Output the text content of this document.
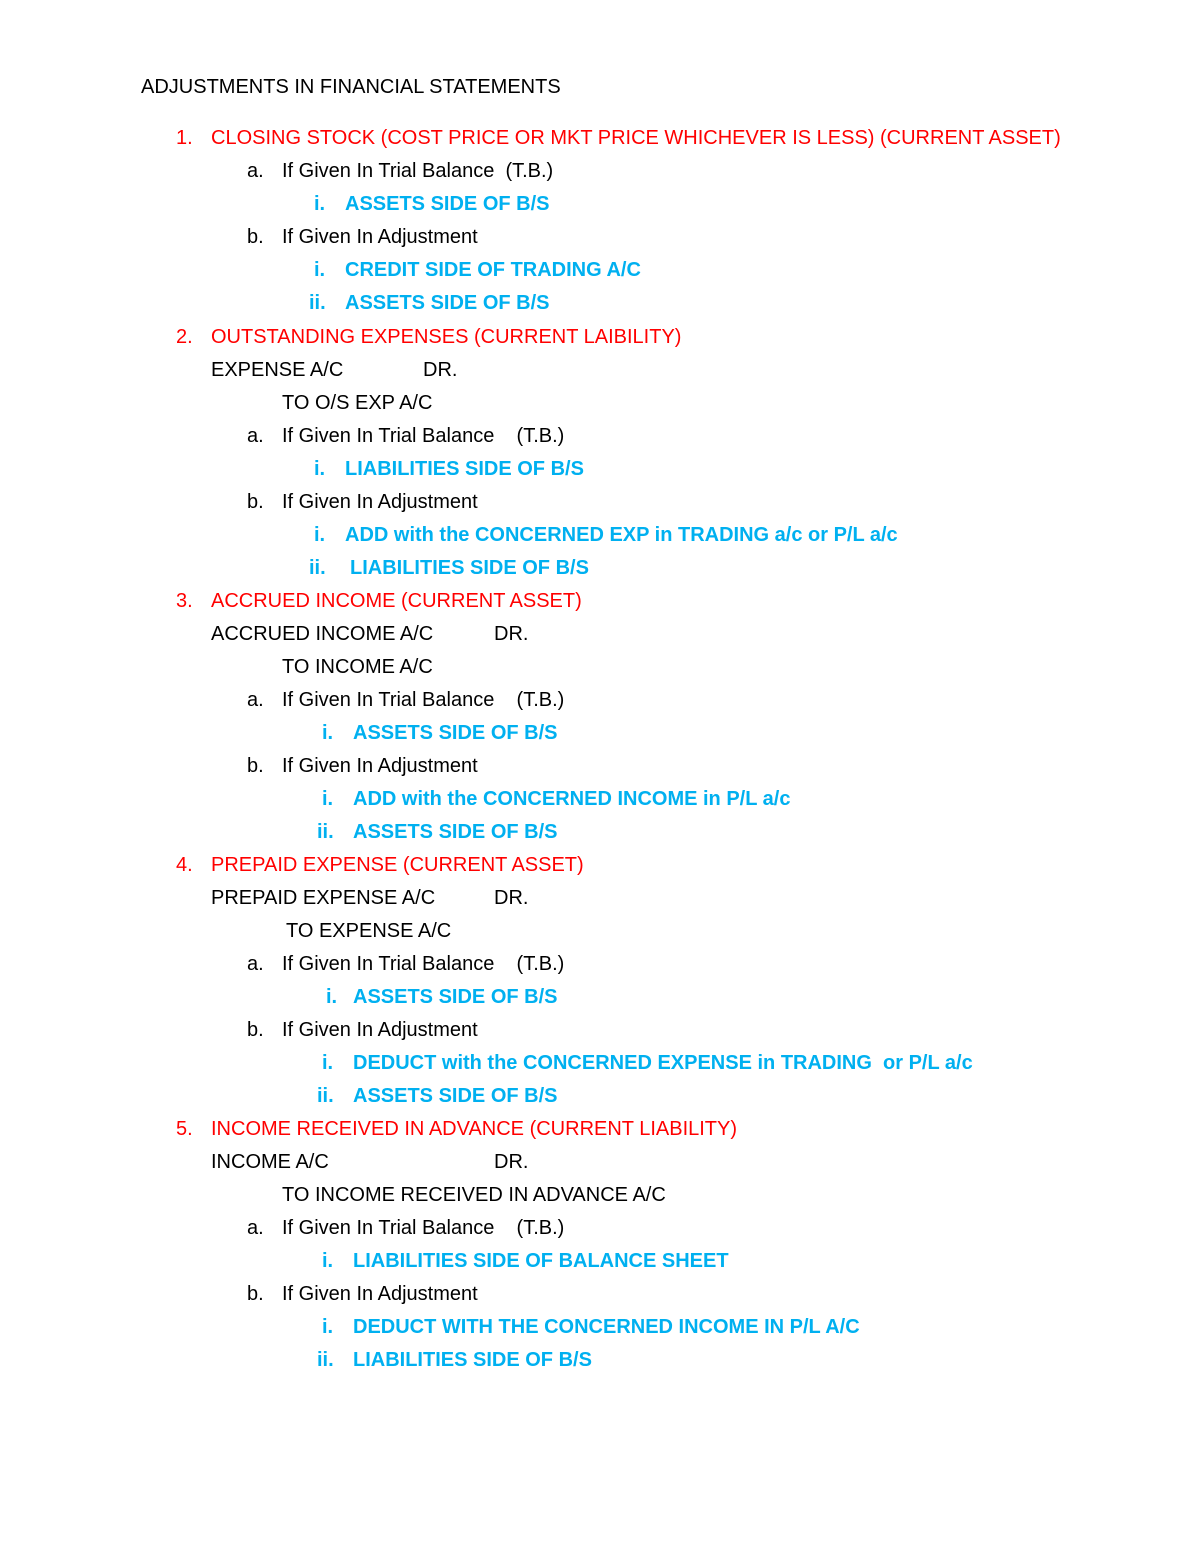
ADJUSTMENTS IN FINANCIAL STATEMENTS
1. CLOSING STOCK (COST PRICE OR MKT PRICE WHICHEVER IS LESS) (CURRENT ASSET)
a. If Given In Trial Balance  (T.B.)
i. ASSETS SIDE OF B/S
b. If Given In Adjustment
i. CREDIT SIDE OF TRADING A/C
ii. ASSETS SIDE OF B/S
2. OUTSTANDING EXPENSES (CURRENT LAIBILITY)
EXPENSE A/C	DR.
TO O/S EXP A/C
a. If Given In Trial Balance    (T.B.)
i. LIABILITIES SIDE OF B/S
b. If Given In Adjustment
i. ADD with the CONCERNED EXP in TRADING a/c or P/L a/c
ii. LIABILITIES SIDE OF B/S
3. ACCRUED INCOME (CURRENT ASSET)
ACCRUED INCOME A/C	DR.
TO INCOME A/C
a. If Given In Trial Balance    (T.B.)
i. ASSETS SIDE OF B/S
b. If Given In Adjustment
i. ADD with the CONCERNED INCOME in P/L a/c
ii. ASSETS SIDE OF B/S
4. PREPAID EXPENSE (CURRENT ASSET)
PREPAID EXPENSE A/C	DR.
TO EXPENSE A/C
a. If Given In Trial Balance    (T.B.)
i. ASSETS SIDE OF B/S
b. If Given In Adjustment
i. DEDUCT with the CONCERNED EXPENSE in TRADING  or P/L a/c
ii. ASSETS SIDE OF B/S
5. INCOME RECEIVED IN ADVANCE (CURRENT LIABILITY)
INCOME A/C	DR.
TO INCOME RECEIVED IN ADVANCE A/C
a. If Given In Trial Balance    (T.B.)
i. LIABILITIES SIDE OF BALANCE SHEET
b. If Given In Adjustment
i. DEDUCT WITH THE CONCERNED INCOME IN P/L A/C
ii. LIABILITIES SIDE OF B/S
